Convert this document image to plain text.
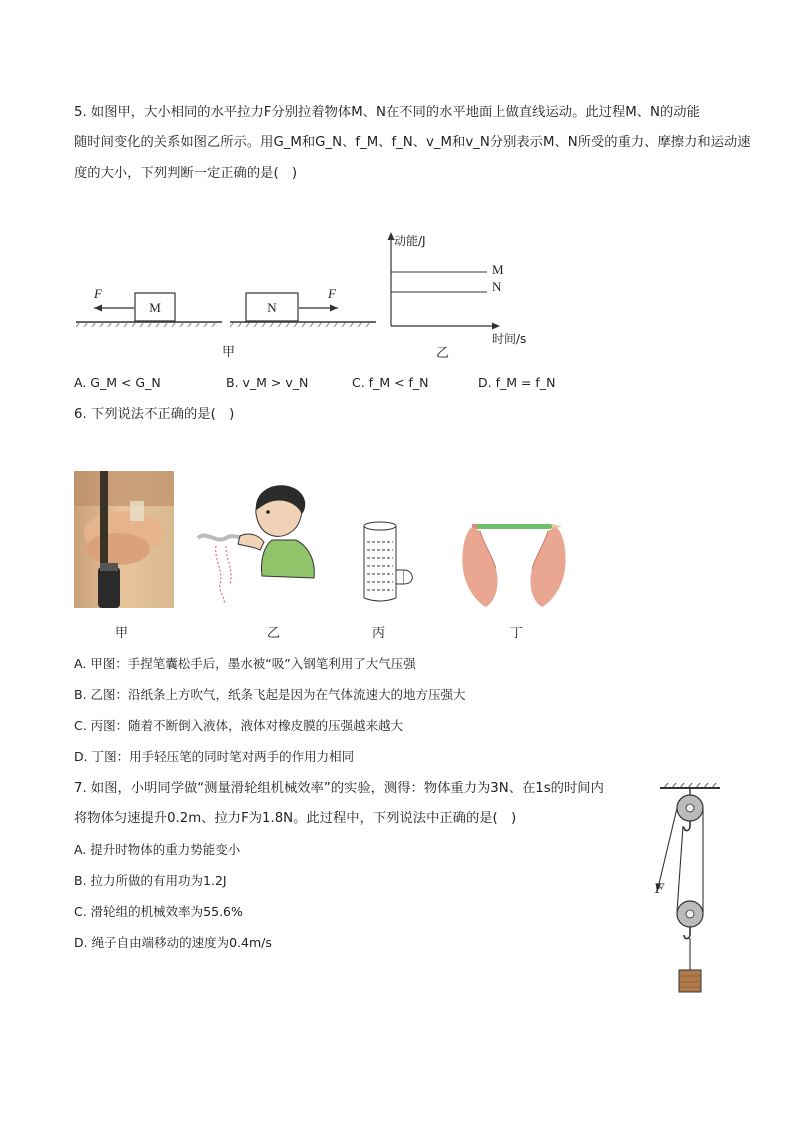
5. 如图甲，大小相同的水平拉力F分别拉着物体M、N在不同的水平地面上做直线运动。此过程M、N的动能
随时间变化的关系如图乙所示。用G_M和G_N、f_M、f_N、v_M和v_N分别表示M、N所受的重力、摩擦力和运动速
度的大小，下列判断一定正确的是(　)
M
F
N
F
甲
动能/J
M
N
时间/s
乙
A. G_M < G_N	B. v_M > v_N	C. f_M < f_N	D. f_M = f_N
6. 下列说法不正确的是(　)
甲	乙	丙	丁
A. 甲图：手捏笔囊松手后，墨水被“吸”入钢笔利用了大气压强
B. 乙图：沿纸条上方吹气，纸条飞起是因为在气体流速大的地方压强大
C. 丙图：随着不断倒入液体，液体对橡皮膜的压强越来越大
D. 丁图：用手轻压笔的同时笔对两手的作用力相同
7. 如图，小明同学做“测量滑轮组机械效率”的实验，测得：物体重力为3N、在1s的时间内
将物体匀速提升0.2m、拉力F为1.8N。此过程中，下列说法中正确的是(　)
A. 提升时物体的重力势能变小
B. 拉力所做的有用功为1.2J
C. 滑轮组的机械效率为55.6%
D. 绳子自由端移动的速度为0.4m/s
F
